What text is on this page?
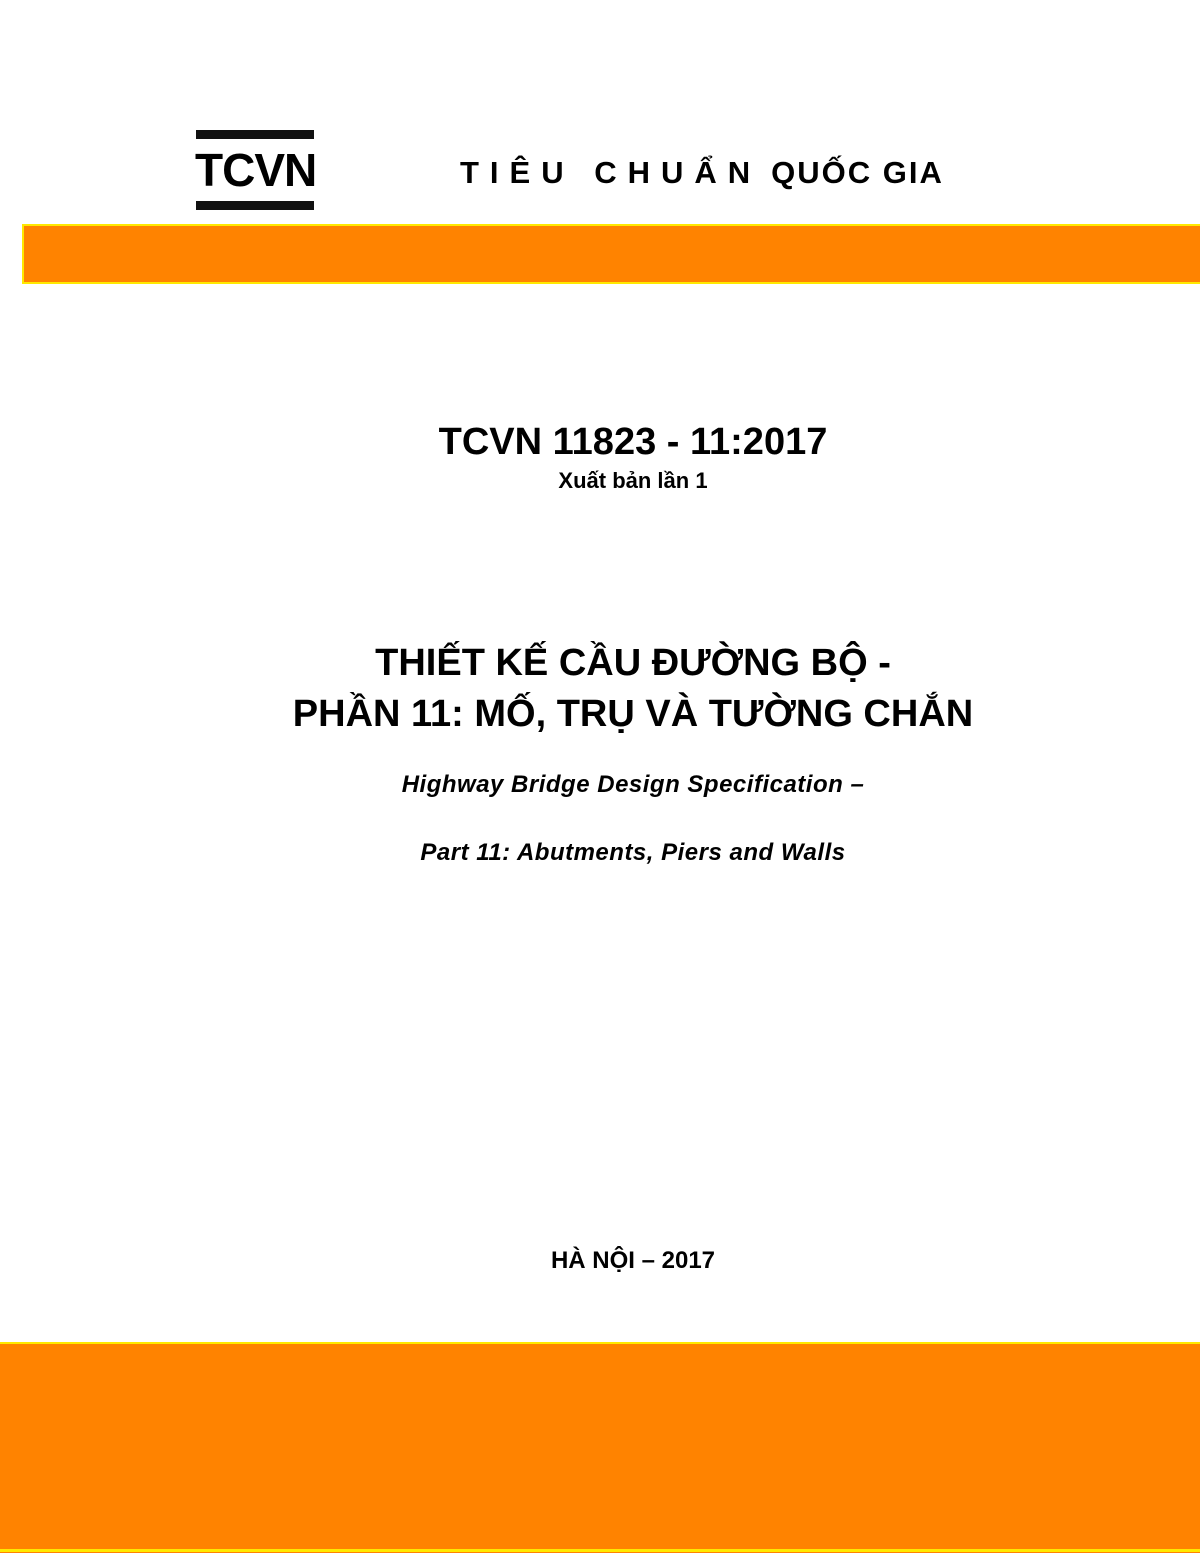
TCVN	TIÊU CHUẨN QUỐC GIA
TCVN 11823 - 11:2017
Xuất bản lần 1
THIẾT KẾ CẦU ĐƯỜNG BỘ -
PHẦN 11: MỐ, TRỤ VÀ TƯỜNG CHẮN
Highway Bridge Design Specification –
Part 11: Abutments, Piers and Walls
HÀ NỘI – 2017
